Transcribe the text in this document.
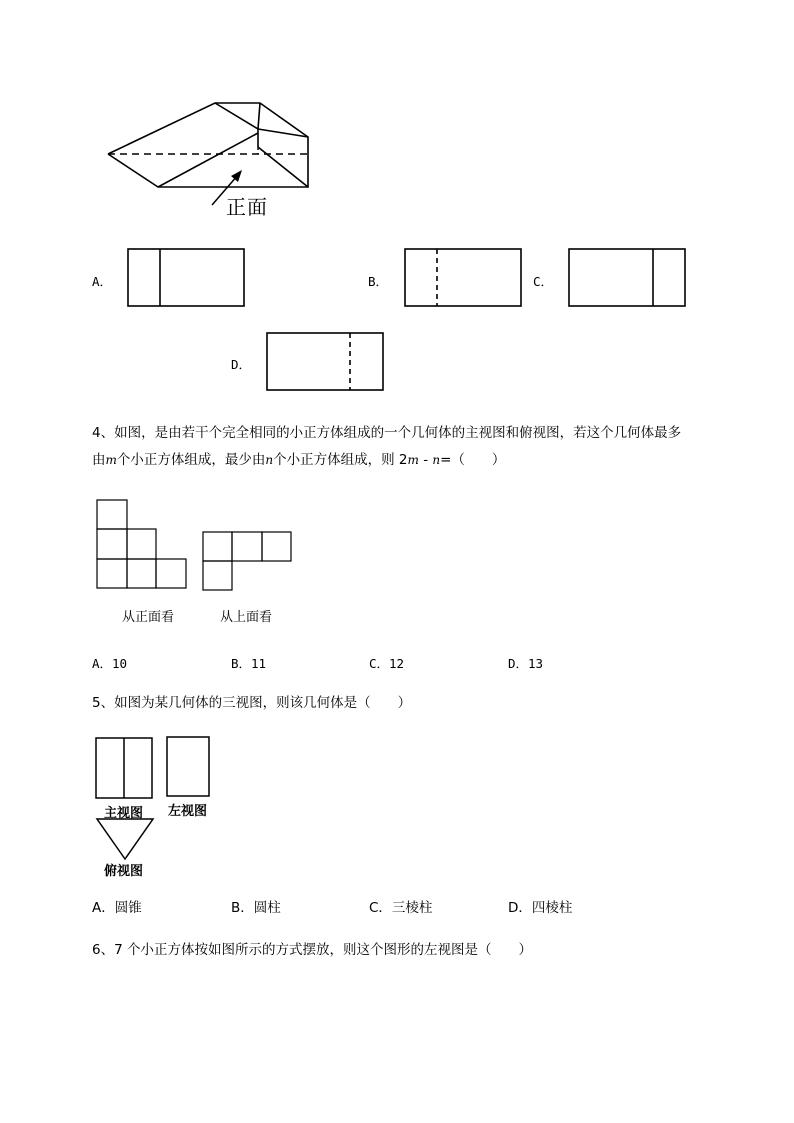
正面
A．	B．	C．
D．
4、如图，是由若干个完全相同的小正方体组成的一个几何体的主视图和俯视图，若这个几何体最多
由m个小正方体组成，最少由n个小正方体组成，则 2m - n=（　　）
从正面看	从上面看
A．10	B．11	C．12	D．13
5、如图为某几何体的三视图，则该几何体是（　　）
主视图 左视图
俯视图
A．圆锥	B．圆柱	C．三棱柱	D．四棱柱
6、7 个小正方体按如图所示的方式摆放，则这个图形的左视图是（　　）
